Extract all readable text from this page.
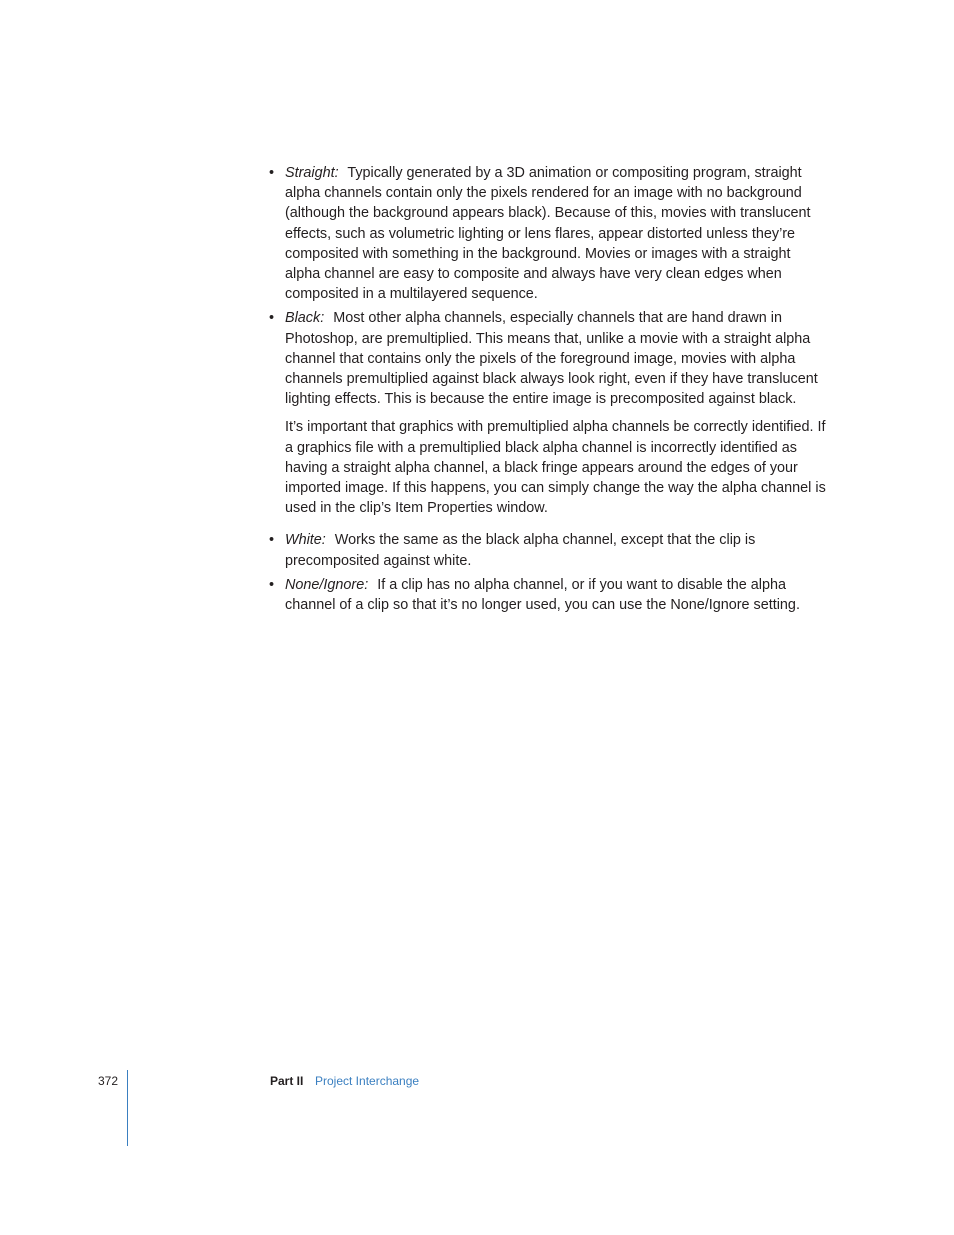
• Straight: Typically generated by a 3D animation or compositing program, straight alpha channels contain only the pixels rendered for an image with no background (although the background appears black). Because of this, movies with translucent effects, such as volumetric lighting or lens flares, appear distorted unless they’re composited with something in the background. Movies or images with a straight alpha channel are easy to composite and always have very clean edges when composited in a multilayered sequence.
• Black: Most other alpha channels, especially channels that are hand drawn in Photoshop, are premultiplied. This means that, unlike a movie with a straight alpha channel that contains only the pixels of the foreground image, movies with alpha channels premultiplied against black always look right, even if they have translucent lighting effects. This is because the entire image is precomposited against black.
It’s important that graphics with premultiplied alpha channels be correctly identified. If a graphics file with a premultiplied black alpha channel is incorrectly identified as having a straight alpha channel, a black fringe appears around the edges of your imported image. If this happens, you can simply change the way the alpha channel is used in the clip’s Item Properties window.
• White: Works the same as the black alpha channel, except that the clip is precomposited against white.
• None/Ignore: If a clip has no alpha channel, or if you want to disable the alpha channel of a clip so that it’s no longer used, you can use the None/Ignore setting.
372	Part II Project Interchange
